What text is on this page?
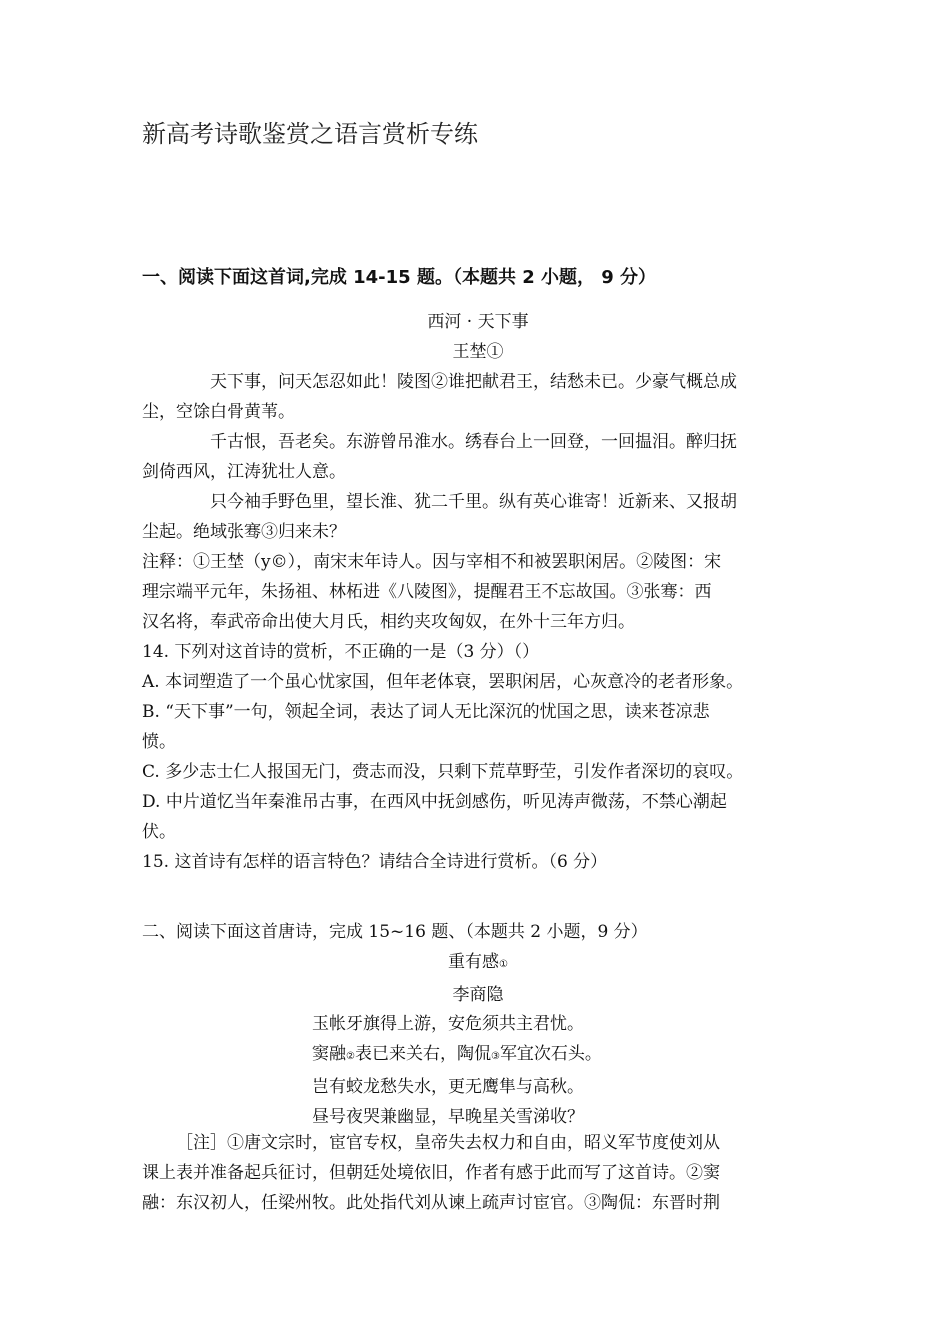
新高考诗歌鉴赏之语言赏析专练
一、阅读下面这首词,完成 14-15 题。（本题共 2 小题， 9 分）
西河 · 天下事
王埜①
天下事，问天怎忍如此！陵图②谁把献君王，结愁未已。少豪气概总成
尘，空馀白骨黄苇。
千古恨，吾老矣。东游曾吊淮水。绣春台上一回登，一回揾泪。醉归抚
剑倚西风，江涛犹壮人意。
只今袖手野色里，望长淮、犹二千里。纵有英心谁寄！近新来、又报胡
尘起。绝域张骞③归来未？
注释：①王埜（y©），南宋末年诗人。因与宰相不和被罢职闲居。②陵图：宋
理宗端平元年，朱扬祖、林柘进《八陵图》，提醒君王不忘故国。③张骞：西
汉名将，奉武帝命出使大月氏，相约夹攻匈奴，在外十三年方归。
14. 下列对这首诗的赏析，不正确的一是（3 分）（）
A. 本词塑造了一个虽心忧家国，但年老体衰，罢职闲居，心灰意冷的老者形象。
B. “天下事”一句，领起全词，表达了词人无比深沉的忧国之思，读来苍凉悲
愤。
C. 多少志士仁人报国无门，赍志而没，只剩下荒草野茔，引发作者深切的哀叹。
D. 中片道忆当年秦淮吊古事，在西风中抚剑感伤，听见涛声微荡，不禁心潮起
伏。
15. 这首诗有怎样的语言特色？请结合全诗进行赏析。（6 分）
二、阅读下面这首唐诗，完成 15~16 题、（本题共 2 小题，9 分）
重有感①
李商隐
玉帐牙旗得上游，安危须共主君忧。
窦融②表已来关右，陶侃③军宜次石头。
岂有蛟龙愁失水，更无鹰隼与高秋。
昼号夜哭兼幽显，早晚星关雪涕收？
［注］①唐文宗时，宦官专权，皇帝失去权力和自由，昭义军节度使刘从
课上表并准备起兵征讨，但朝廷处境依旧，作者有感于此而写了这首诗。②窦
融：东汉初人，任梁州牧。此处指代刘从谏上疏声讨宦官。③陶侃：东晋时荆
